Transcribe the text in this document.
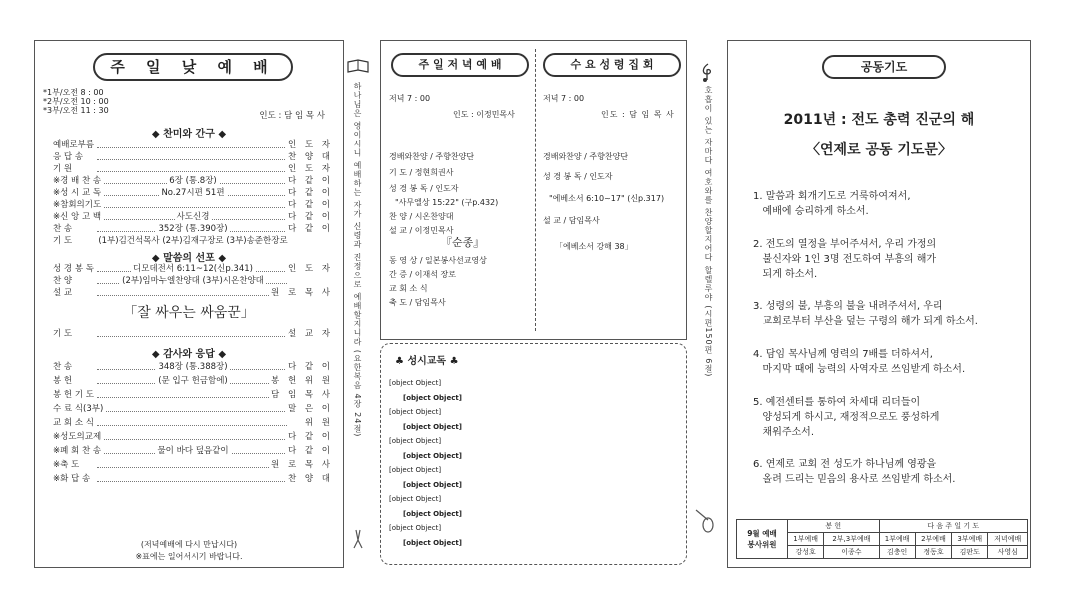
주 일 낮 예 배
*1부/오전 8 : 00
*2부/오전 10 : 00
*3부/오전 11 : 30
인도 : 담 임 목 사
◆ 찬미와 간구 ◆
예배로부름	인 도 자
응 답 송	찬 양 대
기 원	인 도 자
※경 배 찬 송	6장 (통.8장)	다 같 이
※성 시 교 독	No.27시편 51편	다 같 이
※참회의기도	다 같 이
※신 앙 고 백	사도신경	다 같 이
찬 송	352장 (통.390장)	다 같 이
기 도	(1부)김건석목사 (2부)김재구장로 (3부)송준한장로
◆ 말씀의 선포 ◆
성 경 봉 독	디모데전서 6:11~12(신p.341)	인 도 자
찬 양	(2부)임마누엘찬양대 (3부)시온찬양대
설 교	원 로 목 사
「잘 싸우는 싸움꾼」
기 도	설 교 자
◆ 감사와 응답 ◆
찬 송	348장 (통.388장)	다 같 이
봉 헌	(문 입구 헌금함에)	봉 헌 위 원
봉 헌 기 도	담 임 목 사
수 료 식(3부)	말 은 이
교 회 소 식	위 원
※성도의교제	다 같 이
※폐 회 찬 송	물이 바다 덮음같이	다 같 이
※축 도	원 로 목 사
※화 답 송	찬 양 대
(저녁예배에 다시 만납시다)
※표에는 일어서시기 바랍니다.
하나님은 영이시니 예배하는 자가 신령과 진정으로 예배할지니라 (요한복음 4장 24절)
주 일 저 녁 예 배	수 요 성 령 집 회
저녁 7 : 00
인도 : 이정민목사
경배와찬양 / 주향찬양단
기 도 / 정현희권사
성 경 봉 독 / 인도자
"사무엘상 15:22" (구p.432)
찬 양 / 시온찬양대
설 교 / 이정민목사
『순종』
동 영 상 / 일본봉사선교영상
간 증 / 이재석 장로
교 회 소 식
축 도 / 담임목사
저녁 7 : 00
인도 : 담 임 목 사
경배와찬양 / 주향찬양단
성 경 봉 독 / 인도자
"에베소서 6:10~17" (신p.317)
설 교 / 담임목사
「에베소서 강해 38」
♣ 성시교독 ♣
[object Object]
[object Object]
[object Object]
[object Object]
[object Object]
[object Object]
[object Object]
[object Object]
[object Object]
[object Object]
[object Object]
[object Object]
호흡이 있는 자마다 여호와를 찬양할지어다 할렐루야 (시편150편 6절)
공동기도
2011년 : 전도 총력 진군의 해
〈연제로 공동 기도문〉
1. 말씀과 회개기도로 거룩하여져서,
예배에 승리하게 하소서.
2. 전도의 열정을 부어주셔서, 우리 가정의
불신자와 1인 3명 전도하여 부흥의 해가
되게 하소서.
3. 성령의 불, 부흥의 불을 내려주셔서, 우리
교회로부터 부산을 덮는 구령의 해가 되게 하소서.
4. 담임 목사님께 영력의 7배를 더하셔서,
마지막 때에 능력의 사역자로 쓰임받게 하소서.
5. 예전센터를 통하여 차세대 리더들이
양성되게 하시고, 재정적으로도 풍성하게
채워주소서.
6. 연제로 교회 전 성도가 하나님께 영광을
올려 드리는 믿음의 용사로 쓰임받게 하소서.
9월 예배
봉사위원	봉 헌		다 음 주 일 기 도			
	1부예배	2부,3부예배	1부예배	2부예배	3부예배	저녁예배
	강성호	이종수	김충인	정동호	김판도	사영심
